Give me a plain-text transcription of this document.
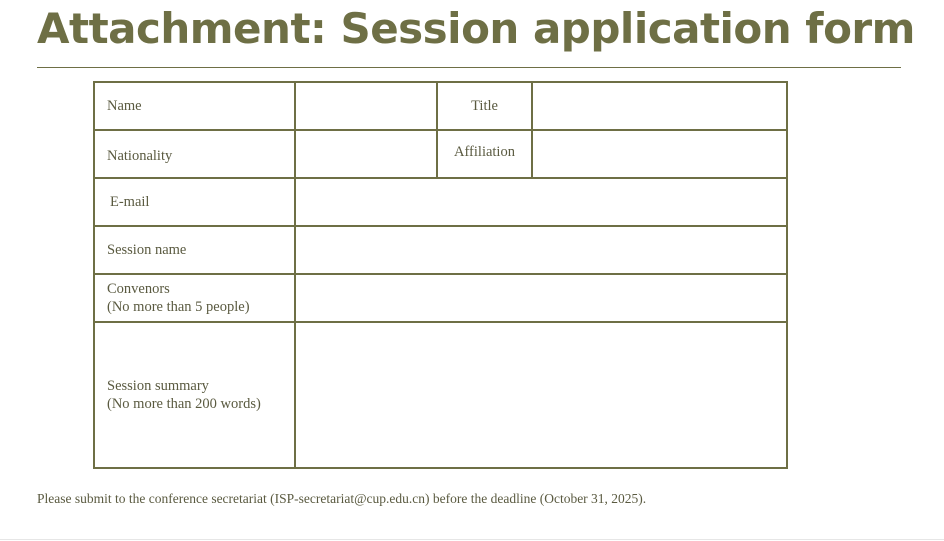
Attachment: Session application form
Name		Title	
Nationality		Affiliation	
E-mail			
Session name			

Convenors
(No more than 5 people)			

Session summary
(No more than 200 words)			

Please submit to the conference secretariat (ISP-secretariat@cup.edu.cn) before the deadline (October 31, 2025).
